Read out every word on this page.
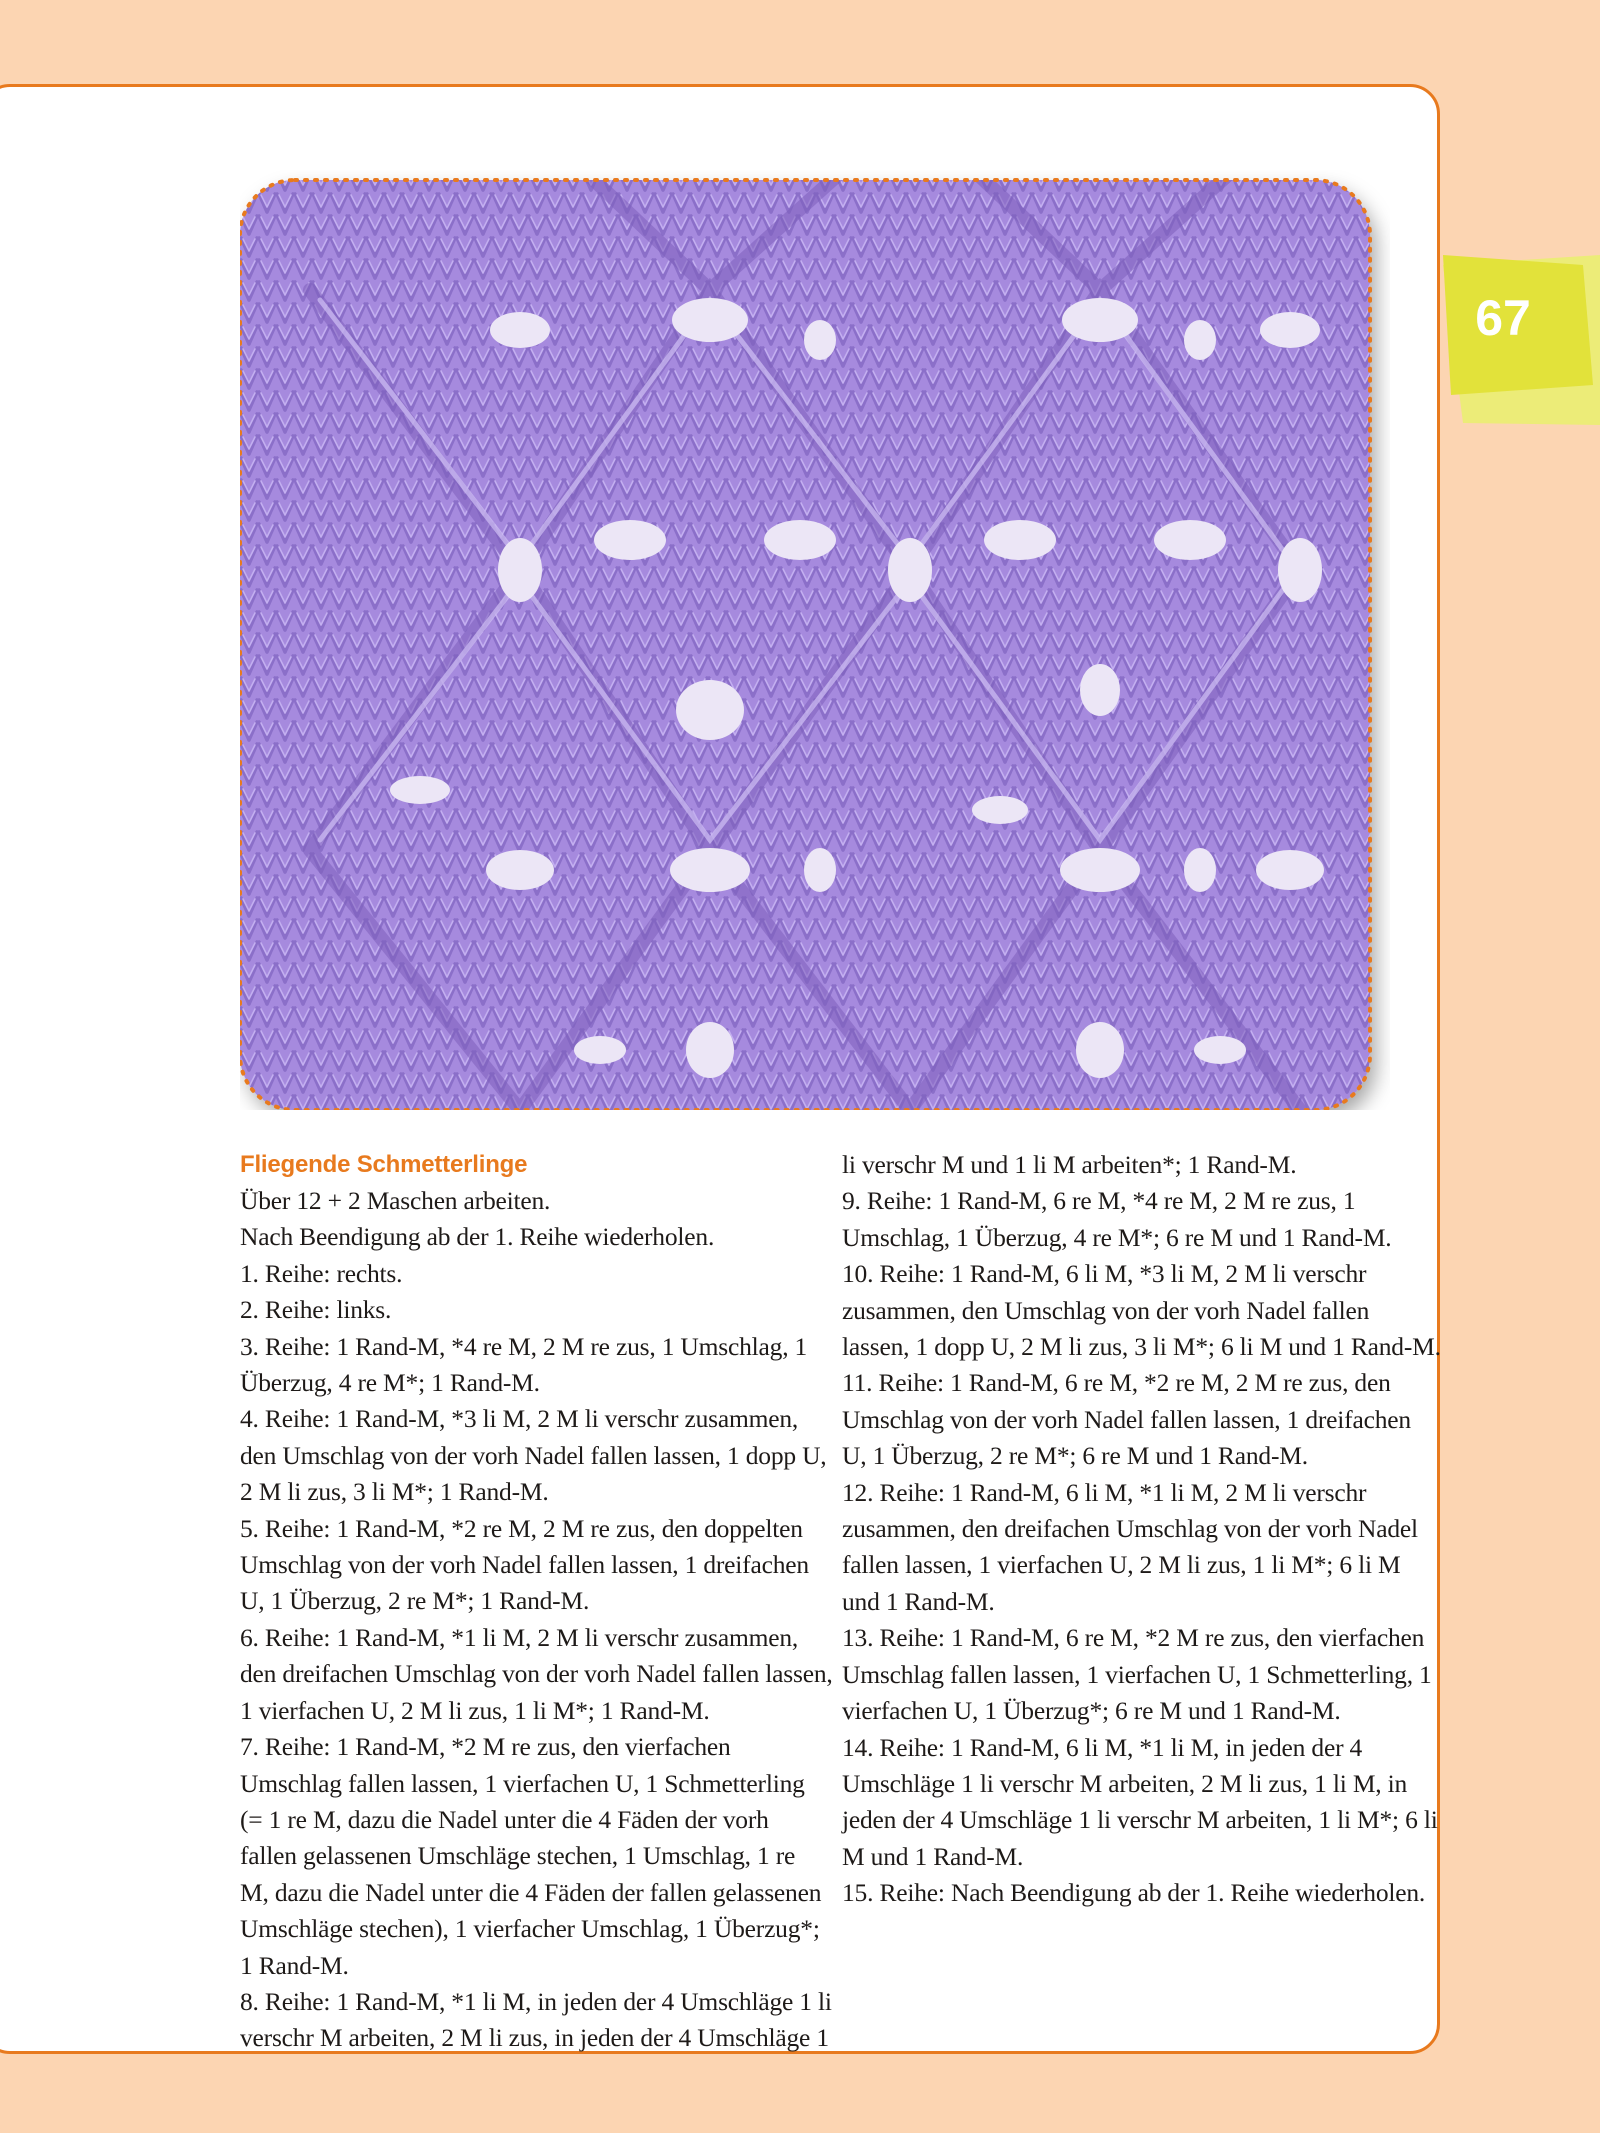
67
Fliegende Schmetterlinge
Über 12 + 2 Maschen arbeiten.
Nach Beendigung ab der 1. Reihe wiederholen.
1. Reihe: rechts.
2. Reihe: links.
3. Reihe: 1 Rand-M, *4 re M, 2 M re zus, 1 Umschlag, 1
Überzug, 4 re M*; 1 Rand-M.
4. Reihe: 1 Rand-M, *3 li M, 2 M li verschr zusammen,
den Umschlag von der vorh Nadel fallen lassen, 1 dopp U,
2 M li zus, 3 li M*; 1 Rand-M.
5. Reihe: 1 Rand-M, *2 re M, 2 M re zus, den doppelten
Umschlag von der vorh Nadel fallen lassen, 1 dreifachen
U, 1 Überzug, 2 re M*; 1 Rand-M.
6. Reihe: 1 Rand-M, *1 li M, 2 M li verschr zusammen,
den dreifachen Umschlag von der vorh Nadel fallen lassen,
1 vierfachen U, 2 M li zus, 1 li M*; 1 Rand-M.
7. Reihe: 1 Rand-M, *2 M re zus, den vierfachen
Umschlag fallen lassen, 1 vierfachen U, 1 Schmetterling
(= 1 re M, dazu die Nadel unter die 4 Fäden der vorh
fallen gelassenen Umschläge stechen, 1 Umschlag, 1 re
M, dazu die Nadel unter die 4 Fäden der fallen gelassenen
Umschläge stechen), 1 vierfacher Umschlag, 1 Überzug*;
1 Rand-M.
8. Reihe: 1 Rand-M, *1 li M, in jeden der 4 Umschläge 1 li
verschr M arbeiten, 2 M li zus, in jeden der 4 Umschläge 1
li verschr M und 1 li M arbeiten*; 1 Rand-M.
9. Reihe: 1 Rand-M, 6 re M, *4 re M, 2 M re zus, 1
Umschlag, 1 Überzug, 4 re M*; 6 re M und 1 Rand-M.
10. Reihe: 1 Rand-M, 6 li M, *3 li M, 2 M li verschr
zusammen, den Umschlag von der vorh Nadel fallen
lassen, 1 dopp U, 2 M li zus, 3 li M*; 6 li M und 1 Rand-M.
11. Reihe: 1 Rand-M, 6 re M, *2 re M, 2 M re zus, den
Umschlag von der vorh Nadel fallen lassen, 1 dreifachen
U, 1 Überzug, 2 re M*; 6 re M und 1 Rand-M.
12. Reihe: 1 Rand-M, 6 li M, *1 li M, 2 M li verschr
zusammen, den dreifachen Umschlag von der vorh Nadel
fallen lassen, 1 vierfachen U, 2 M li zus, 1 li M*; 6 li M
und 1 Rand-M.
13. Reihe: 1 Rand-M, 6 re M, *2 M re zus, den vierfachen
Umschlag fallen lassen, 1 vierfachen U, 1 Schmetterling, 1
vierfachen U, 1 Überzug*; 6 re M und 1 Rand-M.
14. Reihe: 1 Rand-M, 6 li M, *1 li M, in jeden der 4
Umschläge 1 li verschr M arbeiten, 2 M li zus, 1 li M, in
jeden der 4 Umschläge 1 li verschr M arbeiten, 1 li M*; 6 li
M und 1 Rand-M.
15. Reihe: Nach Beendigung ab der 1. Reihe wiederholen.
